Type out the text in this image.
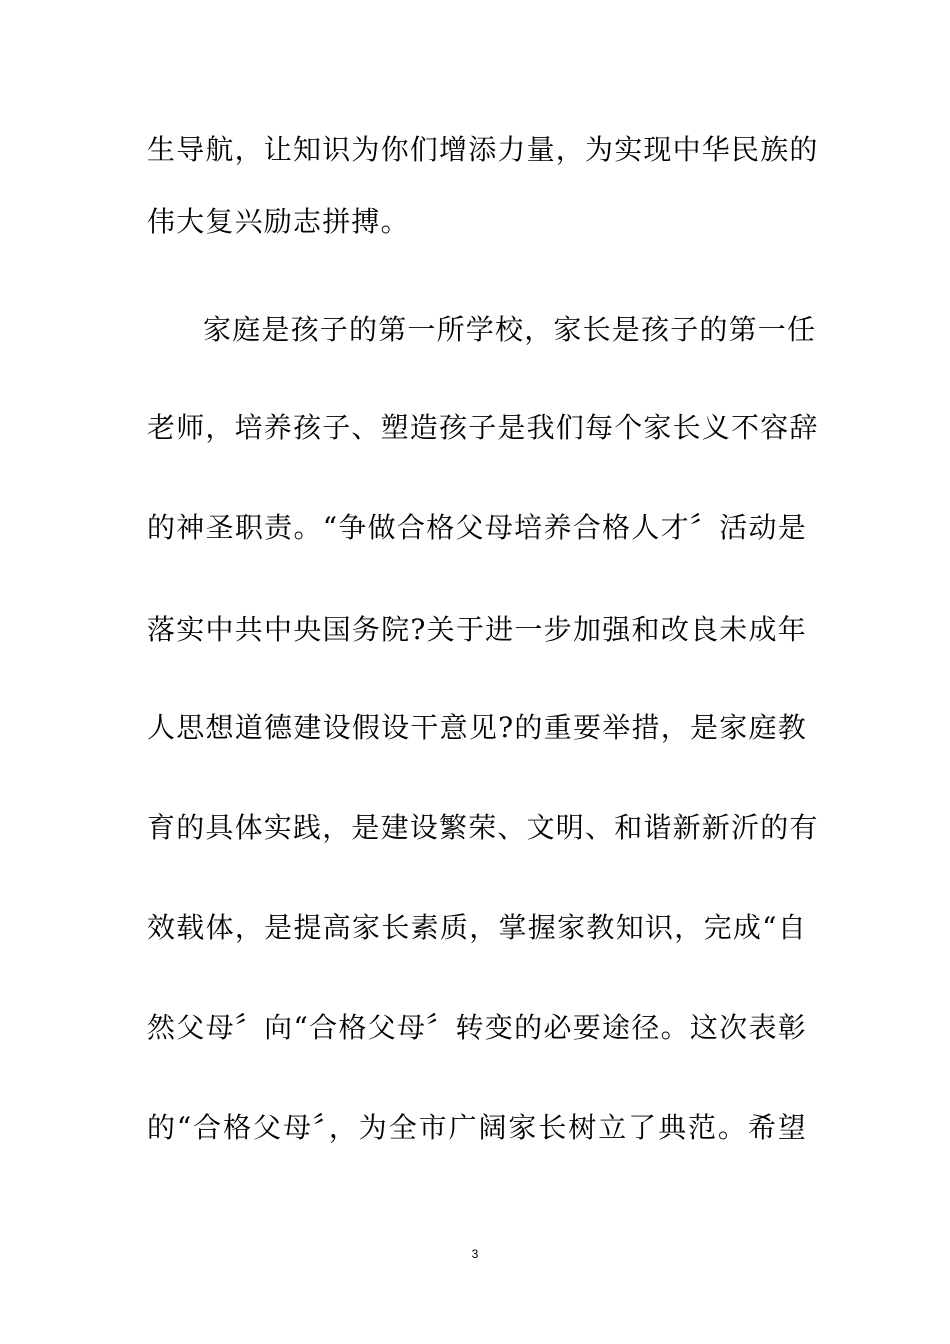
生导航，让知识为你们增添力量，为实现中华民族的
伟大复兴励志拼搏。
家庭是孩子的第一所学校，家长是孩子的第一任
老师，培养孩子、塑造孩子是我们每个家长义不容辞
的神圣职责。“争做合格父母培养合格人才〞活动是
落实中共中央国务院?关于进一步加强和改良未成年
人思想道德建设假设干意见?的重要举措，是家庭教
育的具体实践，是建设繁荣、文明、和谐新新沂的有
效载体，是提高家长素质，掌握家教知识，完成“自
然父母〞向“合格父母〞转变的必要途径。这次表彰
的“合格父母〞，为全市广阔家长树立了典范。希望
3
